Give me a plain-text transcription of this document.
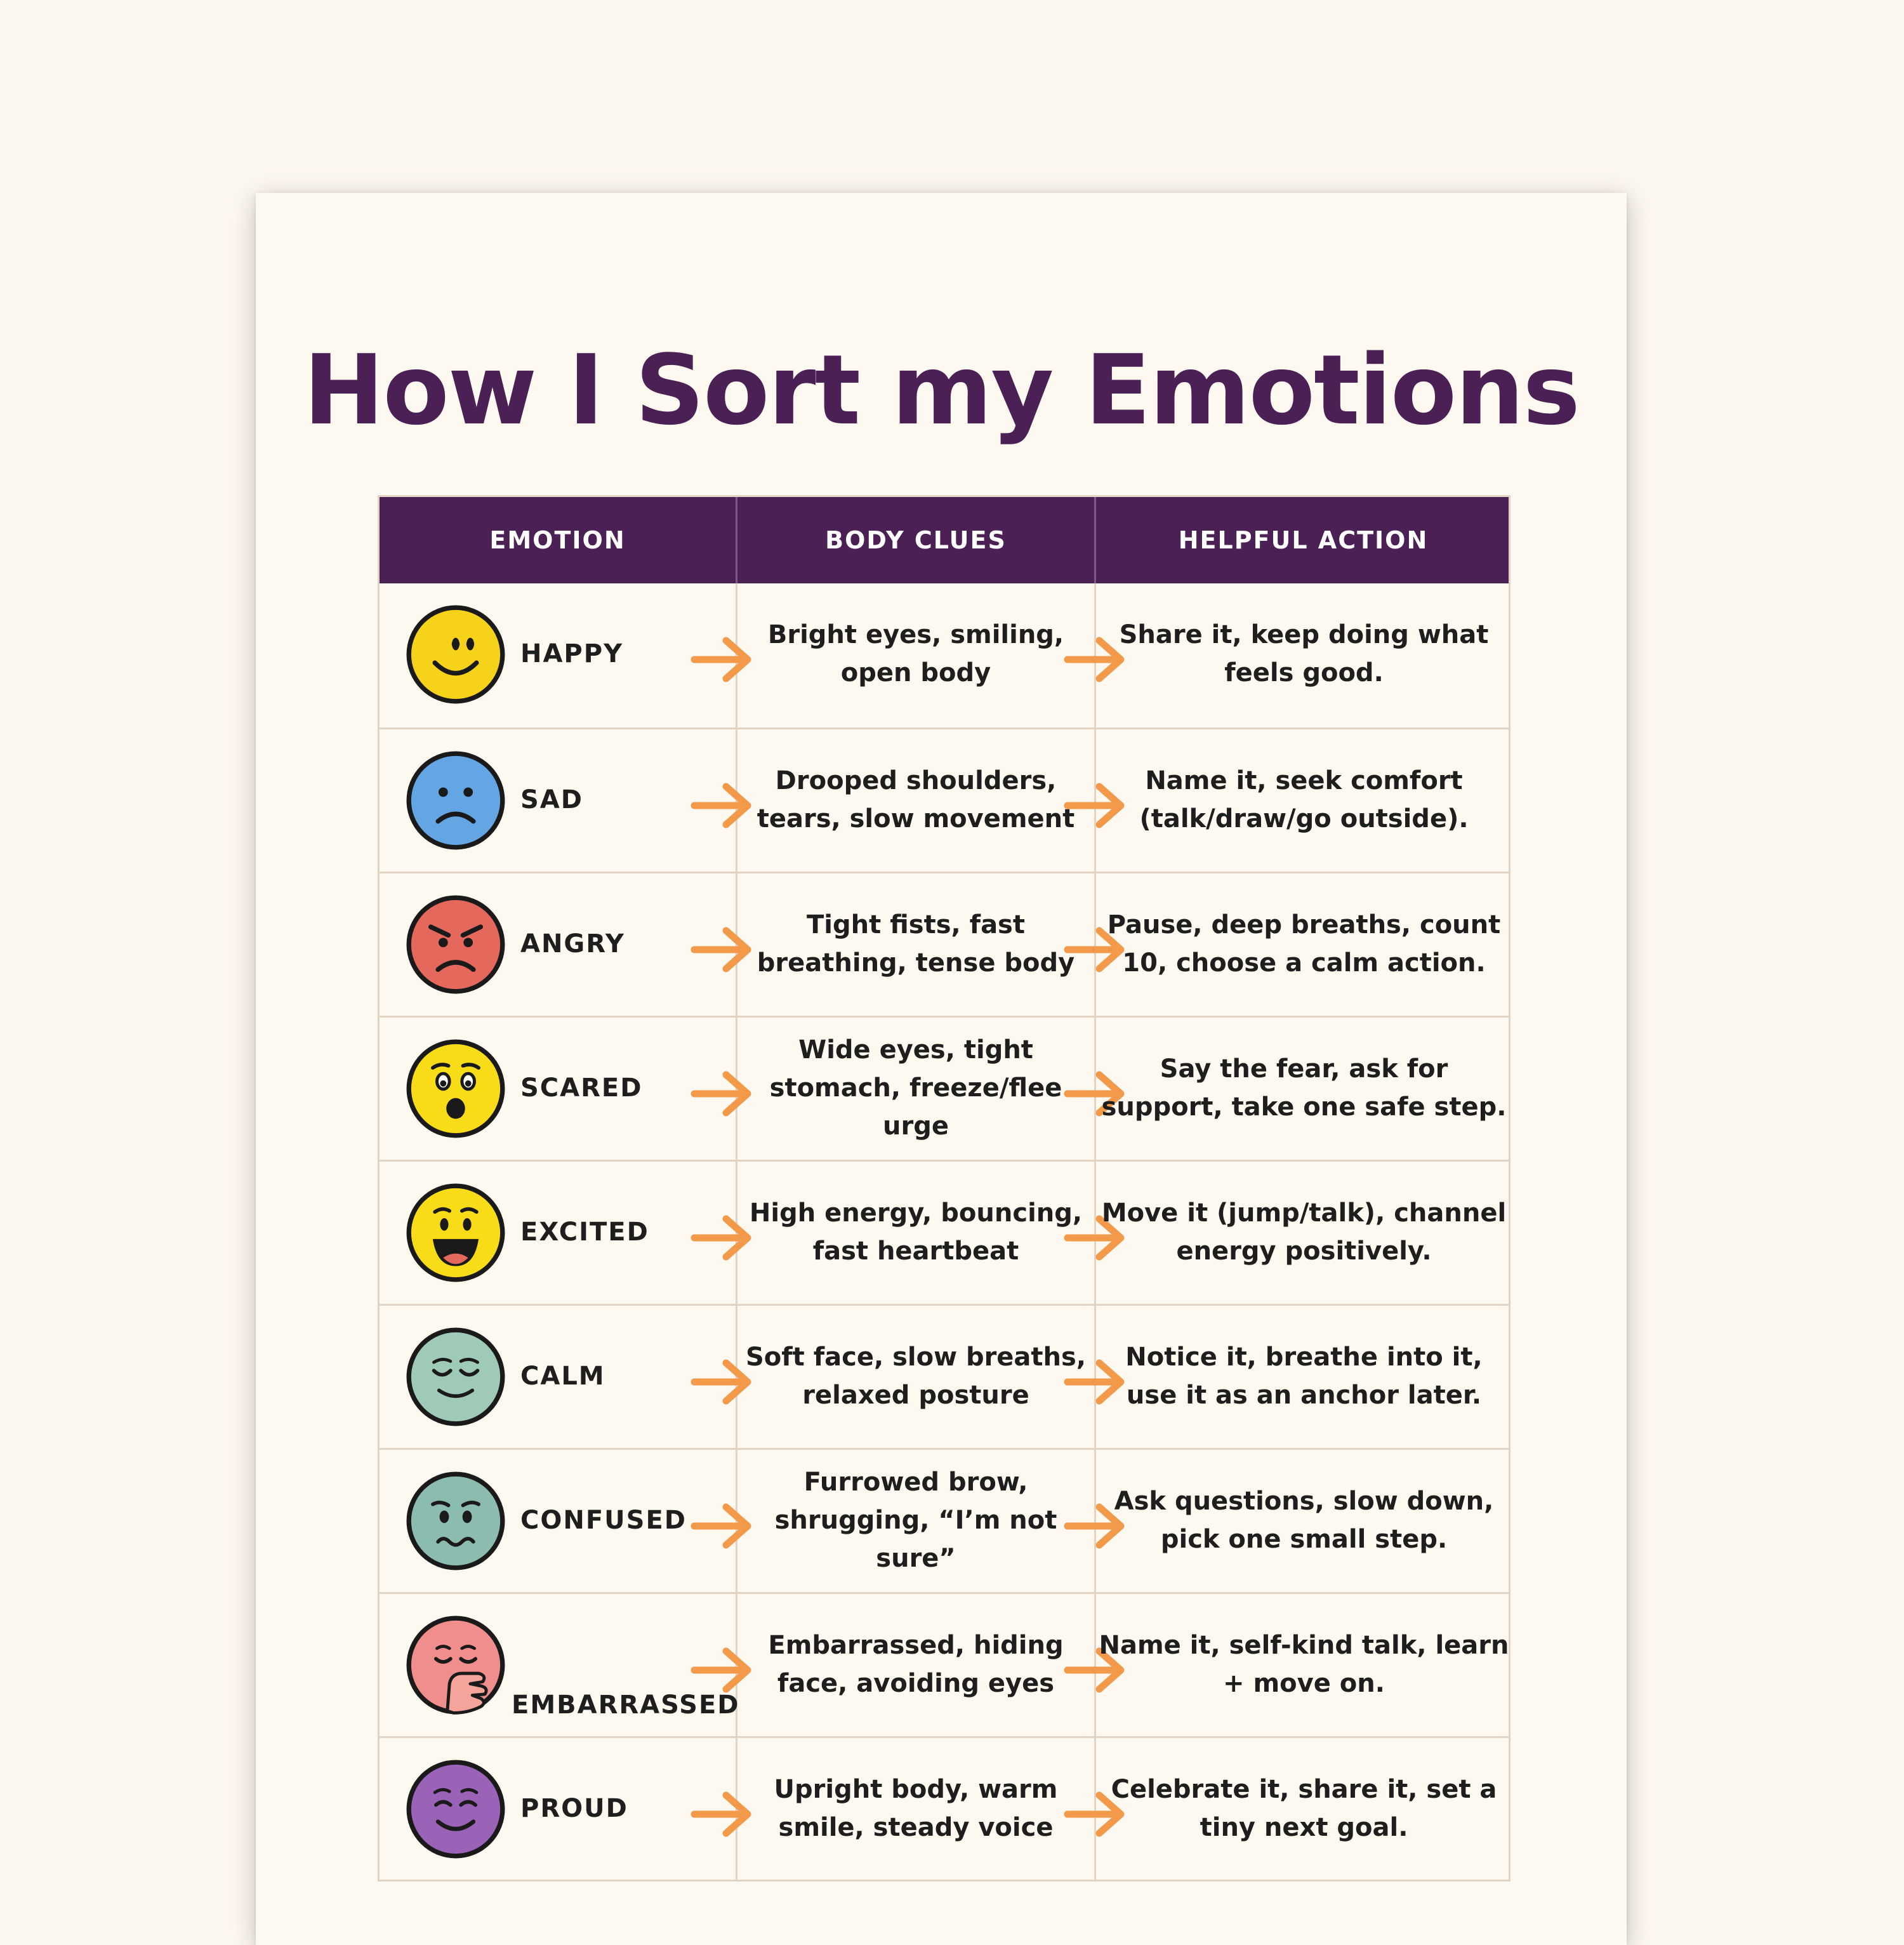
How I Sort my Emotions
EMOTION	BODY CLUES	HELPFUL ACTION
HAPPY
Bright eyes, smiling, open body
Share it, keep doing what feels good.
SAD
Drooped shoulders, tears, slow movement
Name it, seek comfort (talk/draw/go outside).
ANGRY
Tight fists, fast breathing, tense body
Pause, deep breaths, count 10, choose a calm action.
SCARED
Wide eyes, tight stomach, freeze/flee urge
Say the fear, ask for support, take one safe step.
EXCITED
High energy, bouncing, fast heartbeat
Move it (jump/talk), channel energy positively.
CALM
Soft face, slow breaths, relaxed posture
Notice it, breathe into it, use it as an anchor later.
CONFUSED
Furrowed brow, shrugging, “I’m not sure”
Ask questions, slow down, pick one small step.
EMBARRASSED
Embarrassed, hiding face, avoiding eyes
Name it, self-kind talk, learn + move on.
PROUD
Upright body, warm smile, steady voice
Celebrate it, share it, set a tiny next goal.
